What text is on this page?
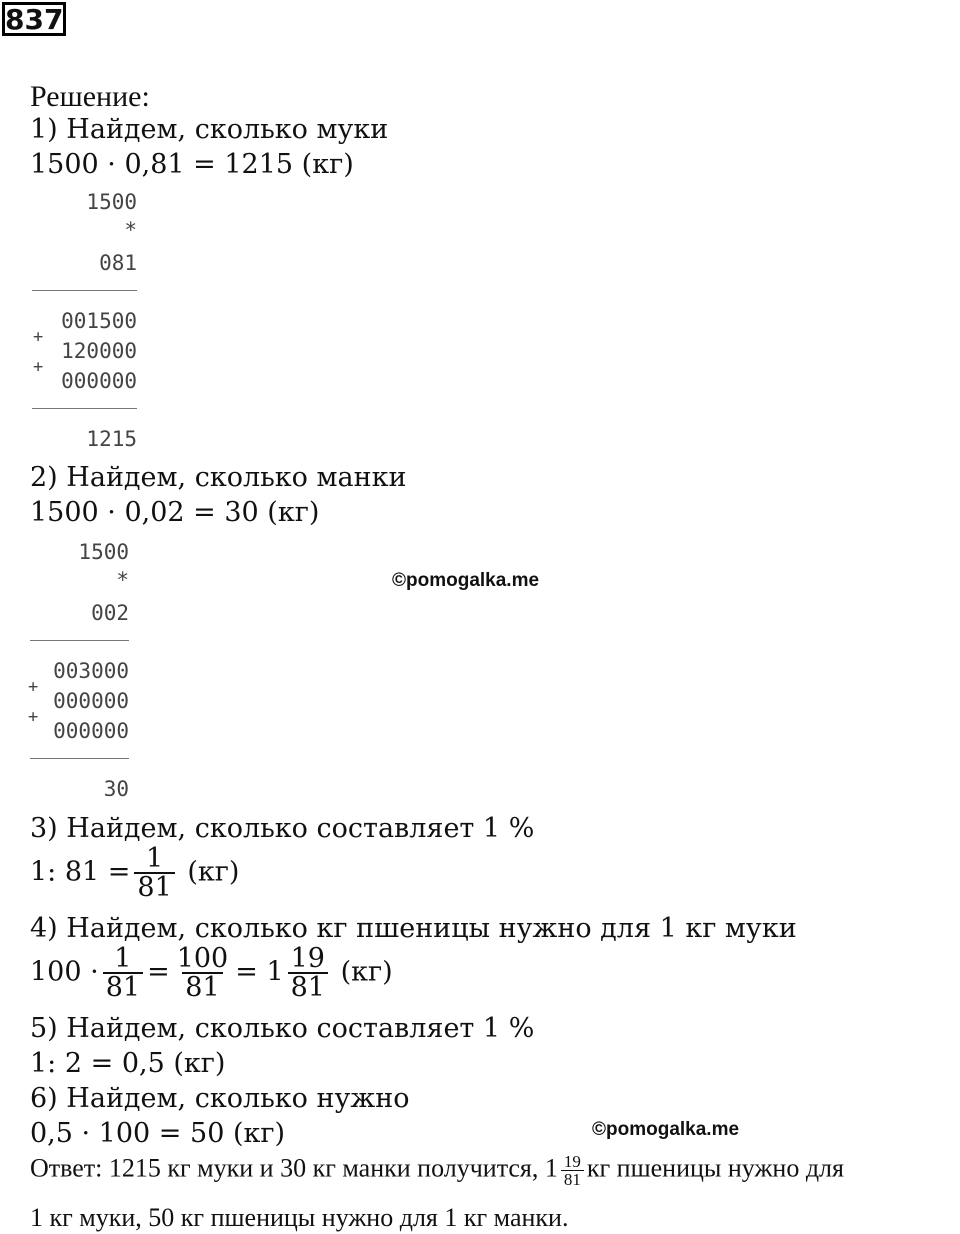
837
Решение:
1) Найдем, сколько муки
1500 · 0,81 = 1215 (кг)
1500
*
081
001500
+
120000
+
000000
1215
2) Найдем, сколько манки
1500 · 0,02 = 30 (кг)
1500
*
002
003000
+
000000
+
000000
30
©pomogalka.me
3) Найдем, сколько составляет 1 %
1: $81 = \frac{1}{81} (кг)$
4) Найдем, сколько кг пшеницы нужно для 1 кг муки
$100 \cdot \frac{1}{81} = \frac{100}{81} = 1 \frac{19}{81} (кг)$
5) Найдем, сколько составляет 1 %
1: 2 = 0,5 (кг)
6) Найдем, сколько нужно
0,5 · 100 = 50 (кг)	©pomogalka.me
Ответ: 1215 кг муки и 30 кг манки получится, $1 \frac{19}{81}$ кг пшеницы нужно для
1 кг муки, 50 кг пшеницы нужно для 1 кг манки.
